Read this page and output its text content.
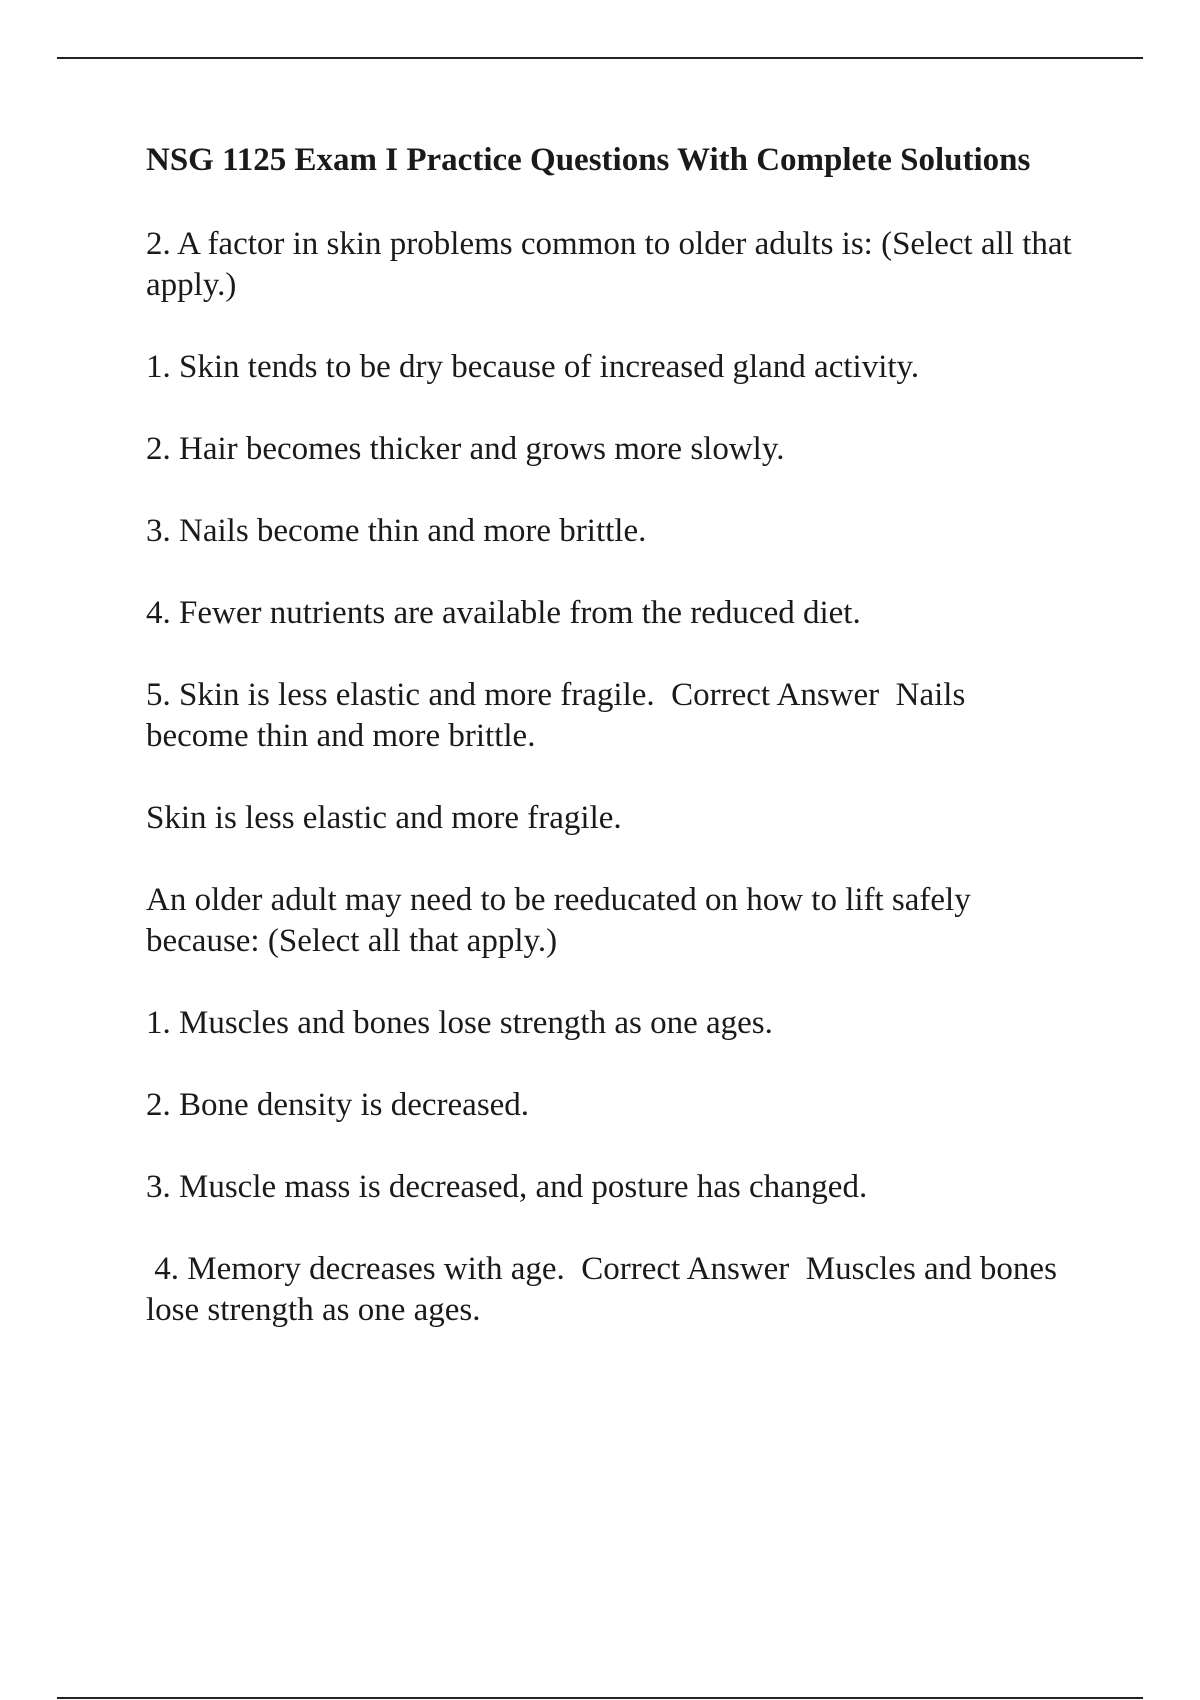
NSG 1125 Exam I Practice Questions With Complete Solutions
2. A factor in skin problems common to older adults is: (Select all that apply.)
1. Skin tends to be dry because of increased gland activity.
2. Hair becomes thicker and grows more slowly.
3. Nails become thin and more brittle.
4. Fewer nutrients are available from the reduced diet.
5. Skin is less elastic and more fragile.  Correct Answer  Nails become thin and more brittle.
Skin is less elastic and more fragile.
An older adult may need to be reeducated on how to lift safely because: (Select all that apply.)
1. Muscles and bones lose strength as one ages.
2. Bone density is decreased.
3. Muscle mass is decreased, and posture has changed.
4. Memory decreases with age.  Correct Answer  Muscles and bones lose strength as one ages.
